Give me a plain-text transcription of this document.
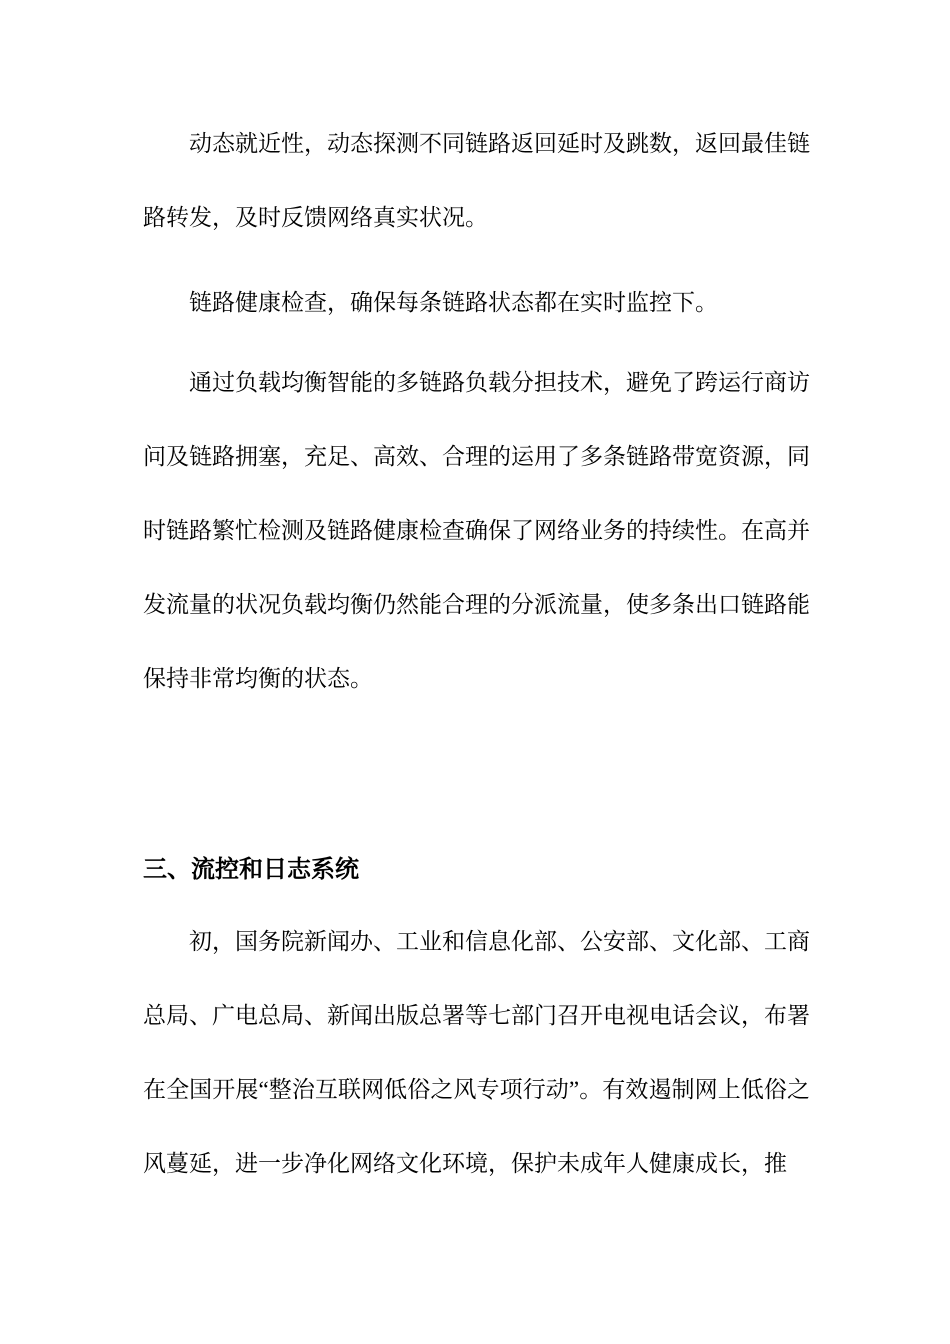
动态就近性，动态探测不同链路返回延时及跳数，返回最佳链路转发，及时反馈网络真实状况。

链路健康检查，确保每条链路状态都在实时监控下。

通过负载均衡智能的多链路负载分担技术，避免了跨运行商访问及链路拥塞，充足、高效、合理的运用了多条链路带宽资源，同时链路繁忙检测及链路健康检查确保了网络业务的持续性。在高并发流量的状况负载均衡仍然能合理的分派流量，使多条出口链路能保持非常均衡的状态。

三、流控和日志系统

初，国务院新闻办、工业和信息化部、公安部、文化部、工商总局、广电总局、新闻出版总署等七部门召开电视电话会议，布署在全国开展“整治互联网低俗之风专项行动”。有效遏制网上低俗之风蔓延，进一步净化网络文化环境，保护未成年人健康成长，推
